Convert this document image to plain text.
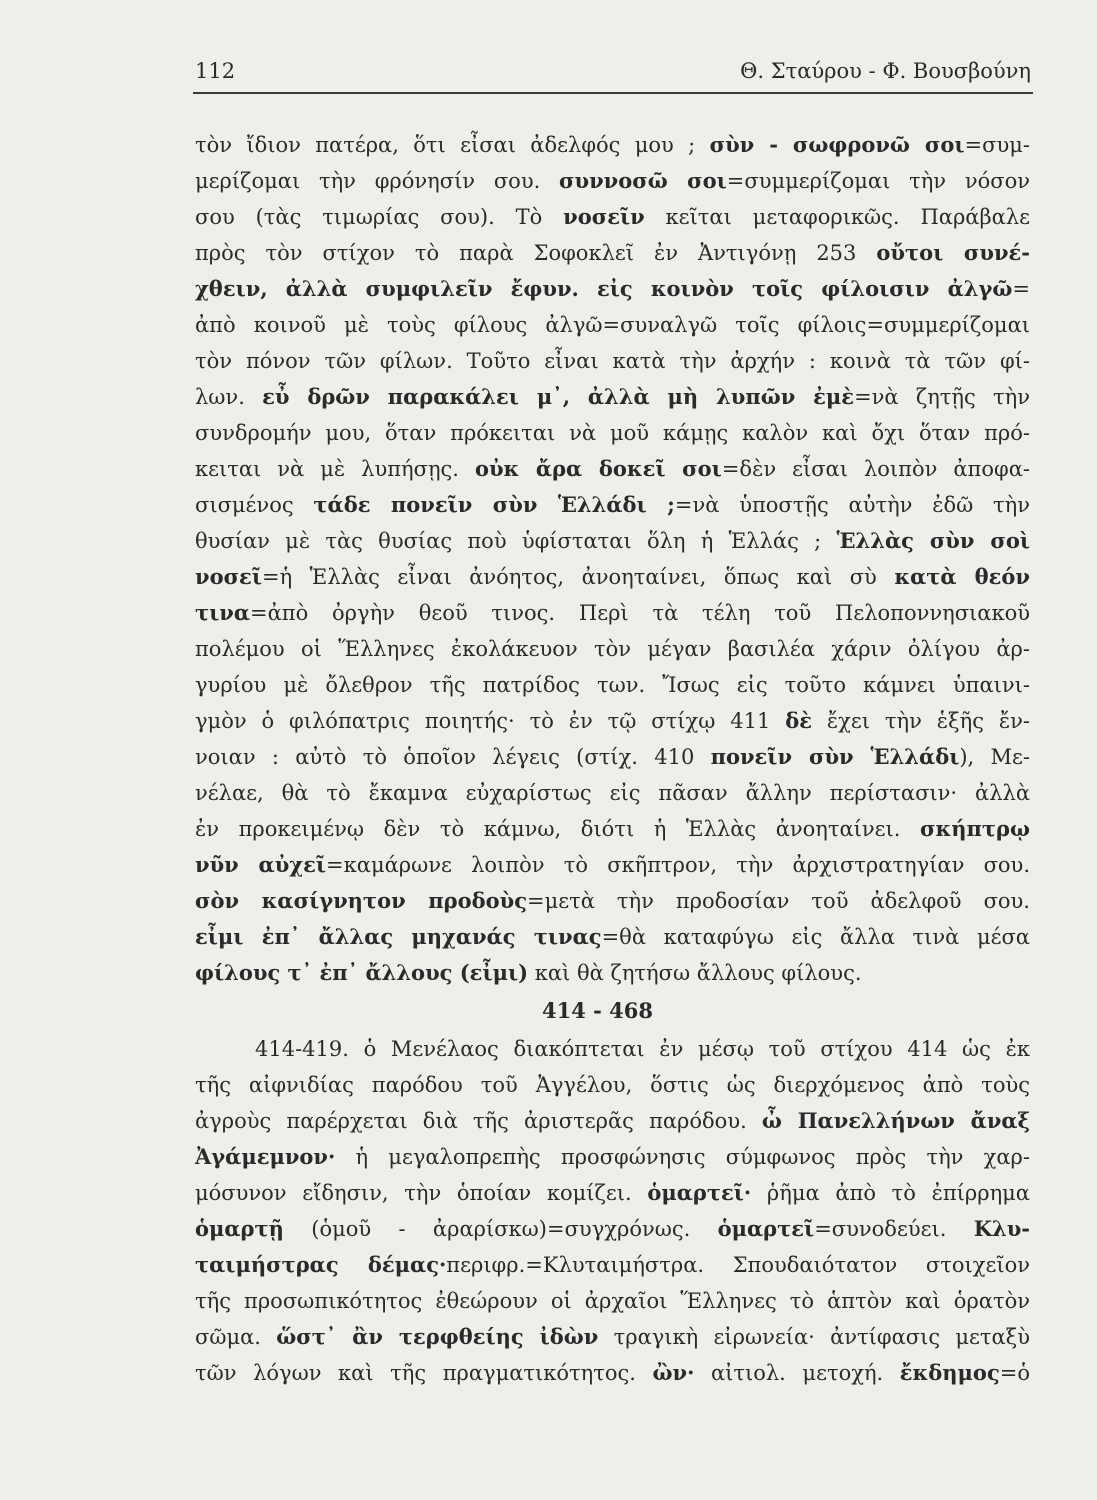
112	Θ. Σταύρου - Φ. Βουσβούνη
τὸν ἴδιον πατέρα, ὅτι εἶσαι ἀδελφός μου ; σὺν - σωφρονῶ σοι=συμ-
μερίζομαι τὴν φρόνησίν σου. συννοσῶ σοι=συμμερίζομαι τὴν νόσον
σου (τὰς τιμωρίας σου). Τὸ νοσεῖν κεῖται μεταφορικῶς. Παράβαλε
πρὸς τὸν στίχον τὸ παρὰ Σοφοκλεῖ ἐν Ἀντιγόνῃ 253 οὔτοι συνέ-
χθειν, ἀλλὰ συμφιλεῖν ἔφυν. εἰς κοινὸν τοῖς φίλοισιν ἀλγῶ=
ἀπὸ κοινοῦ μὲ τοὺς φίλους ἀλγῶ=συναλγῶ τοῖς φίλοις=συμμερίζομαι
τὸν πόνον τῶν φίλων. Τοῦτο εἶναι κατὰ τὴν ἀρχήν : κοινὰ τὰ τῶν φί-
λων. εὖ δρῶν παρακάλει μ᾿, ἀλλὰ μὴ λυπῶν ἐμὲ=νὰ ζητῇς τὴν
συνδρομήν μου, ὅταν πρόκειται νὰ μοῦ κάμῃς καλὸν καὶ ὄχι ὅταν πρό-
κειται νὰ μὲ λυπήσῃς. οὐκ ἄρα δοκεῖ σοι=δὲν εἶσαι λοιπὸν ἀποφα-
σισμένος τάδε πονεῖν σὺν Ἑλλάδι ;=νὰ ὑποστῇς αὐτὴν ἐδῶ τὴν
θυσίαν μὲ τὰς θυσίας ποὺ ὑφίσταται ὅλη ἡ Ἑλλάς ; Ἑλλὰς σὺν σοὶ
νοσεῖ=ἡ Ἑλλὰς εἶναι ἀνόητος, ἀνοηταίνει, ὅπως καὶ σὺ κατὰ θεόν
τινα=ἀπὸ ὀργὴν θεοῦ τινος. Περὶ τὰ τέλη τοῦ Πελοποννησιακοῦ
πολέμου οἱ Ἕλληνες ἐκολάκευον τὸν μέγαν βασιλέα χάριν ὀλίγου ἀρ-
γυρίου μὲ ὄλεθρον τῆς πατρίδος των. Ἴσως εἰς τοῦτο κάμνει ὑπαινι-
γμὸν ὁ φιλόπατρις ποιητής· τὸ ἐν τῷ στίχῳ 411 δὲ ἔχει τὴν ἑξῆς ἔν-
νοιαν : αὐτὸ τὸ ὁποῖον λέγεις (στίχ. 410 πονεῖν σὺν Ἑλλάδι), Με-
νέλαε, θὰ τὸ ἔκαμνα εὐχαρίστως εἰς πᾶσαν ἄλλην περίστασιν· ἀλλὰ
ἐν προκειμένῳ δὲν τὸ κάμνω, διότι ἡ Ἑλλὰς ἀνοηταίνει. σκήπτρῳ
νῦν αὐχεῖ=καμάρωνε λοιπὸν τὸ σκῆπτρον, τὴν ἀρχιστρατηγίαν σου.
σὸν κασίγνητον προδοὺς=μετὰ τὴν προδοσίαν τοῦ ἀδελφοῦ σου.
εἶμι ἐπ᾿ ἄλλας μηχανάς τινας=θὰ καταφύγω εἰς ἄλλα τινὰ μέσα
φίλους τ᾿ ἐπ᾿ ἄλλους (εἶμι) καὶ θὰ ζητήσω ἄλλους φίλους.
414 - 468
414-419. ὁ Μενέλαος διακόπτεται ἐν μέσῳ τοῦ στίχου 414 ὡς ἐκ
τῆς αἰφνιδίας παρόδου τοῦ Ἀγγέλου, ὅστις ὡς διερχόμενος ἀπὸ τοὺς
ἀγροὺς παρέρχεται διὰ τῆς ἀριστερᾶς παρόδου. ὦ Πανελλήνων ἄναξ
Ἀγάμεμνον· ἡ μεγαλοπρεπὴς προσφώνησις σύμφωνος πρὸς τὴν χαρ-
μόσυνον εἴδησιν, τὴν ὁποίαν κομίζει. ὁμαρτεῖ· ῥῆμα ἀπὸ τὸ ἐπίρρημα
ὁμαρτῇ (ὁμοῦ - ἀραρίσκω)=συγχρόνως. ὁμαρτεῖ=συνοδεύει. Κλυ-
ταιμήστρας δέμας·περιφρ.=Κλυταιμήστρα. Σπουδαιότατον στοιχεῖον
τῆς προσωπικότητος ἐθεώρουν οἱ ἀρχαῖοι Ἕλληνες τὸ ἁπτὸν καὶ ὁρατὸν
σῶμα. ὥστ᾿ ἂν τερφθείης ἰδὼν τραγικὴ εἰρωνεία· ἀντίφασις μεταξὺ
τῶν λόγων καὶ τῆς πραγματικότητος. ὢν· αἰτιολ. μετοχή. ἔκδημος=ὁ
